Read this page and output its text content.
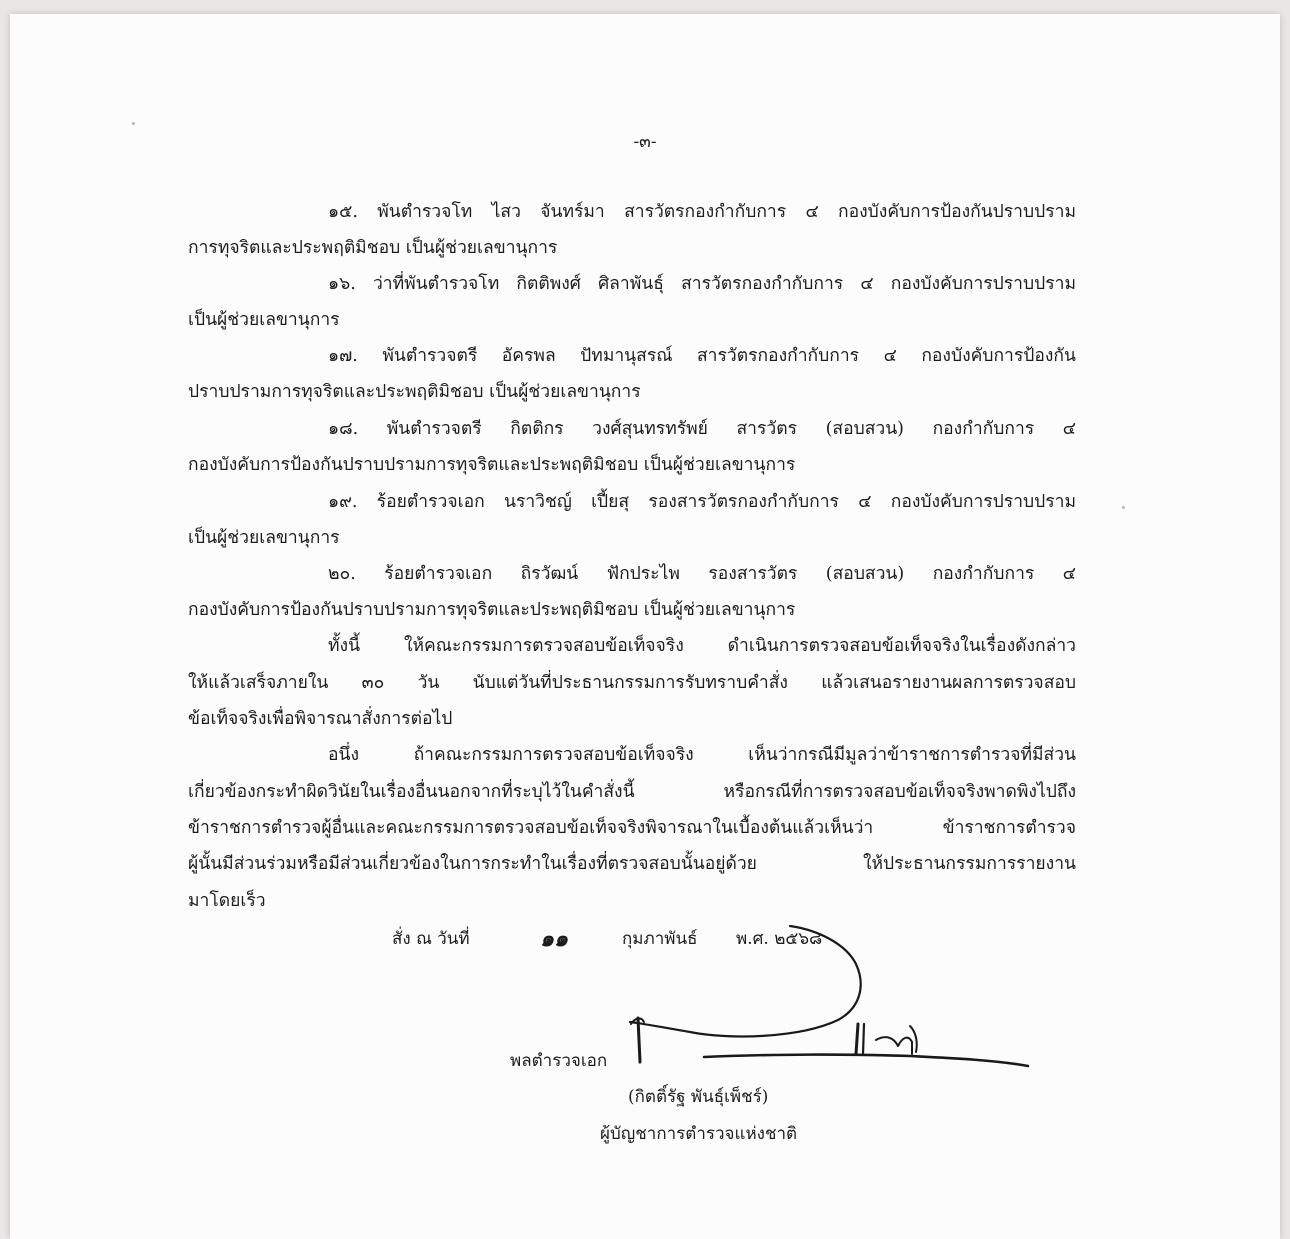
-๓-
๑๕. พันตำรวจโท ไสว จันทร์มา สารวัตรกองกำกับการ ๔ กองบังคับการป้องกันปราบปราม
การทุจริตและประพฤติมิชอบ เป็นผู้ช่วยเลขานุการ
๑๖. ว่าที่พันตำรวจโท กิตติพงศ์ ศิลาพันธุ์ สารวัตรกองกำกับการ ๔ กองบังคับการปราบปราม
เป็นผู้ช่วยเลขานุการ
๑๗. พันตำรวจตรี อัครพล ปัทมานุสรณ์ สารวัตรกองกำกับการ ๔ กองบังคับการป้องกัน
ปราบปรามการทุจริตและประพฤติมิชอบ เป็นผู้ช่วยเลขานุการ
๑๘. พันตำรวจตรี กิตติกร วงศ์สุนทรทรัพย์ สารวัตร (สอบสวน) กองกำกับการ ๔
กองบังคับการป้องกันปราบปรามการทุจริตและประพฤติมิชอบ เป็นผู้ช่วยเลขานุการ
๑๙. ร้อยตำรวจเอก นราวิชญ์ เปี้ยสุ รองสารวัตรกองกำกับการ ๔ กองบังคับการปราบปราม
เป็นผู้ช่วยเลขานุการ
๒๐. ร้อยตำรวจเอก ถิรวัฒน์ ฟักประไพ รองสารวัตร (สอบสวน) กองกำกับการ ๔
กองบังคับการป้องกันปราบปรามการทุจริตและประพฤติมิชอบ เป็นผู้ช่วยเลขานุการ
ทั้งนี้ ให้คณะกรรมการตรวจสอบข้อเท็จจริง ดำเนินการตรวจสอบข้อเท็จจริงในเรื่องดังกล่าว
ให้แล้วเสร็จภายใน ๓๐ วัน นับแต่วันที่ประธานกรรมการรับทราบคำสั่ง แล้วเสนอรายงานผลการตรวจสอบ
ข้อเท็จจริงเพื่อพิจารณาสั่งการต่อไป
อนึ่ง ถ้าคณะกรรมการตรวจสอบข้อเท็จจริง เห็นว่ากรณีมีมูลว่าข้าราชการตำรวจที่มีส่วน
เกี่ยวข้องกระทำผิดวินัยในเรื่องอื่นนอกจากที่ระบุไว้ในคำสั่งนี้ หรือกรณีที่การตรวจสอบข้อเท็จจริงพาดพิงไปถึง
ข้าราชการตำรวจผู้อื่นและคณะกรรมการตรวจสอบข้อเท็จจริงพิจารณาในเบื้องต้นแล้วเห็นว่า ข้าราชการตำรวจ
ผู้นั้นมีส่วนร่วมหรือมีส่วนเกี่ยวข้องในการกระทำในเรื่องที่ตรวจสอบนั้นอยู่ด้วย ให้ประธานกรรมการรายงาน
มาโดยเร็ว
สั่ง ณ วันที่	๑๑	กุมภาพันธ์ พ.ศ. ๒๕๖๘
พลตำรวจเอก
(กิตติ์รัฐ พันธุ์เพ็ชร์)
ผู้บัญชาการตำรวจแห่งชาติ
